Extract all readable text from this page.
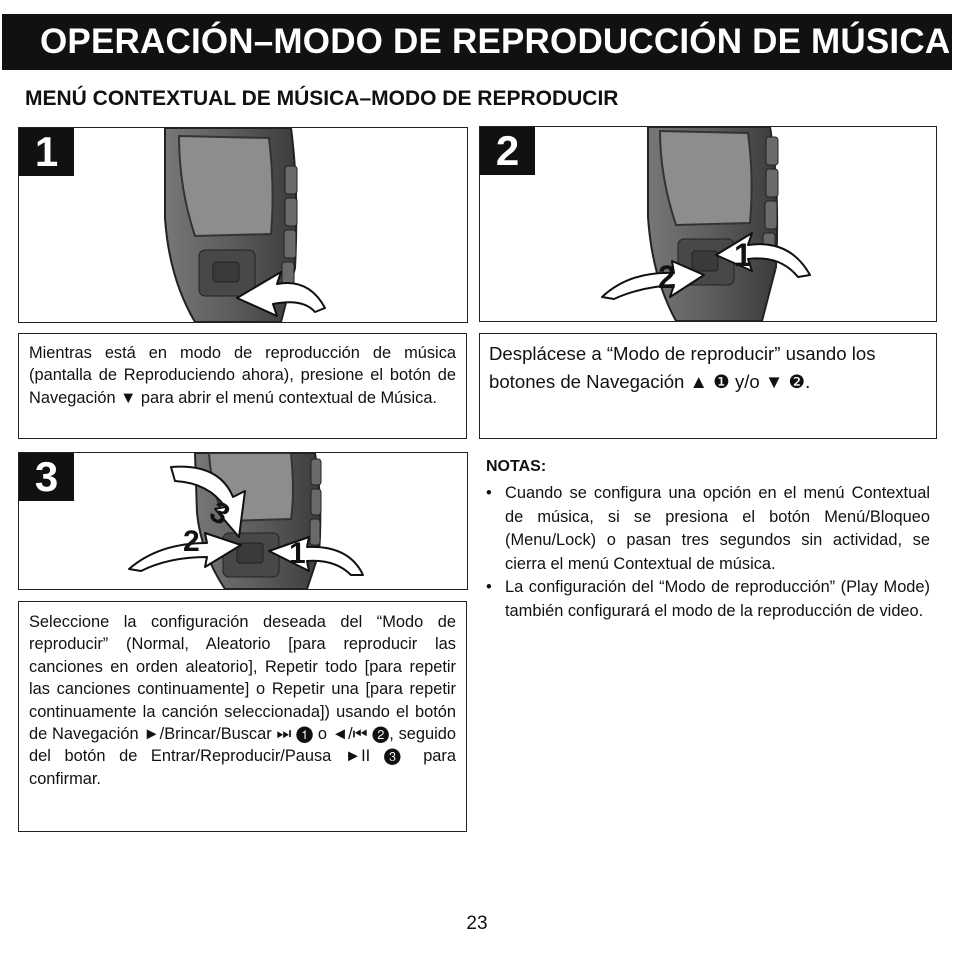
OPERACIÓN–MODO DE REPRODUCCIÓN DE MÚSICA
MENÚ CONTEXTUAL DE MÚSICA–MODO DE REPRODUCIR
1
1
2
2

Mientras está en modo de reproducción de música (pantalla de Reproduciendo ahora), presione el botón de Navegación ▼ para abrir el menú contextual de Música.

Desplácese a “Modo de reproducir” usando los botones de Navegación ▲ ❶ y/o ▼ ❷.

1
2
3
3

Seleccione la configuración deseada del “Modo de reproducir” (Normal, Aleatorio [para reproducir las canciones en orden aleatorio], Repetir todo [para repetir las canciones continuamente] o Repetir una [para repetir continuamente la canción seleccionada]) usando el botón de Navegación ►/Brincar/Buscar ⏭ ❶ o ◄/⏮ ❷, seguido del botón de Entrar/Reproducir/Pausa ►II ❸ para confirmar.

NOTAS:
• Cuando se configura una opción en el menú Contextual de música, si se presiona el botón Menú/Bloqueo (Menu/Lock) o pasan tres segundos sin actividad, se cierra el menú Contextual de música.
• La configuración del “Modo de reproducción” (Play Mode) también configurará el modo de la reproducción de video.
23
